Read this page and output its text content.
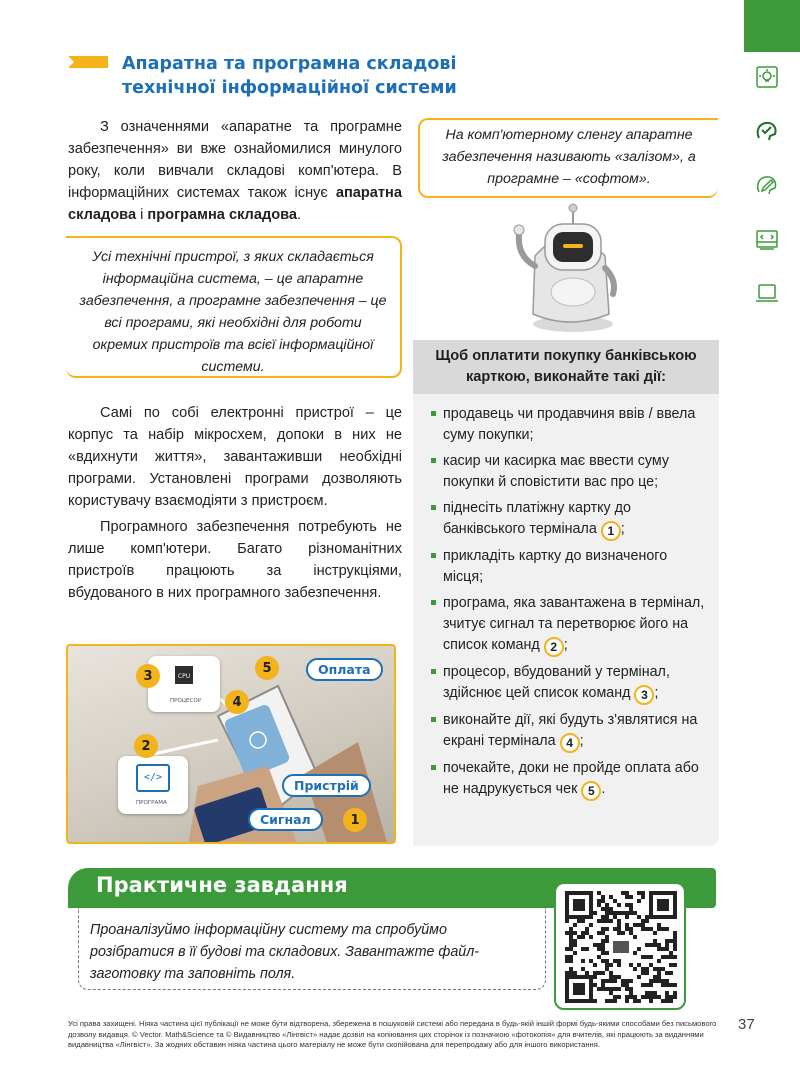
Апаратна та програмна складові
технічної інформаційної системи
З означеннями «апаратне та програмне забезпечення» ви вже ознайомилися минулого року, коли вивчали складові комп'ютера. В інформаційних системах також існує апаратна складова і програмна складова.
Усі технічні пристрої, з яких складається інформаційна система, – це апаратне забезпечення, а програмне забезпечення – це всі програми, які необхідні для роботи окремих пристроїв та всієї інформаційної системи.
На комп'ютерному сленгу апаратне забезпечення називають «залізом», а програмне – «софтом».
Самі по собі електронні пристрої – це корпус та набір мікросхем, допоки в них не «вдихнути життя», завантаживши необхідні програми. Установлені програми дозволяють користувачу взаємодіяти з пристроєм.
Програмного забезпечення потребують не лише комп'ютери. Багато різноманітних пристроїв працюють за інструкціями, вбудованого в них програмного забезпечення.
Щоб оплатити покупку банківською карткою, виконайте такі дії:
продавець чи продавчиня ввів / ввела суму покупки;
касир чи касирка має ввести суму покупки й сповістити вас про це;
піднесіть платіжну картку до банківського термінала 1 ;
прикладіть картку до визначеного місця;
програма, яка завантажена в термінал, зчитує сигнал та перетворює його на список команд 2 ;
процесор, вбудований у термінал, здійснює цей список команд 3 ;
виконайте дії, які будуть з'являтися на екрані термінала 4 ;
почекайте, доки не пройде оплата або не надрукується чек 5 .
CPU
ПРОЦЕСОР
</>
ПРОГРАМА
3
5
4
2
1
Оплата
Пристрій
Сигнал
Практичне завдання
Проаналізуймо інформаційну систему та спробуймо розібратися в її будові та складових. Завантажте файл-заготовку та заповніть поля.
Усі права захищені. Ніяка частина цієї публікації не може бути відтворена, збережена в пошуковій системі або передана в будь-якій іншій формі будь-якими способами без письмового дозволу видавця. © Vector. Math&Science та © Видавництво «Лінгвіст» надає дозвіл на копіювання цих сторінок із позначкою «фотокопія» для вчителів, які працюють за виданнями видавництва «Лінгвіст». За жодних обставин ніяка частина цього матеріалу не може бути скопійована для перепродажу або для іншого використання.
37
